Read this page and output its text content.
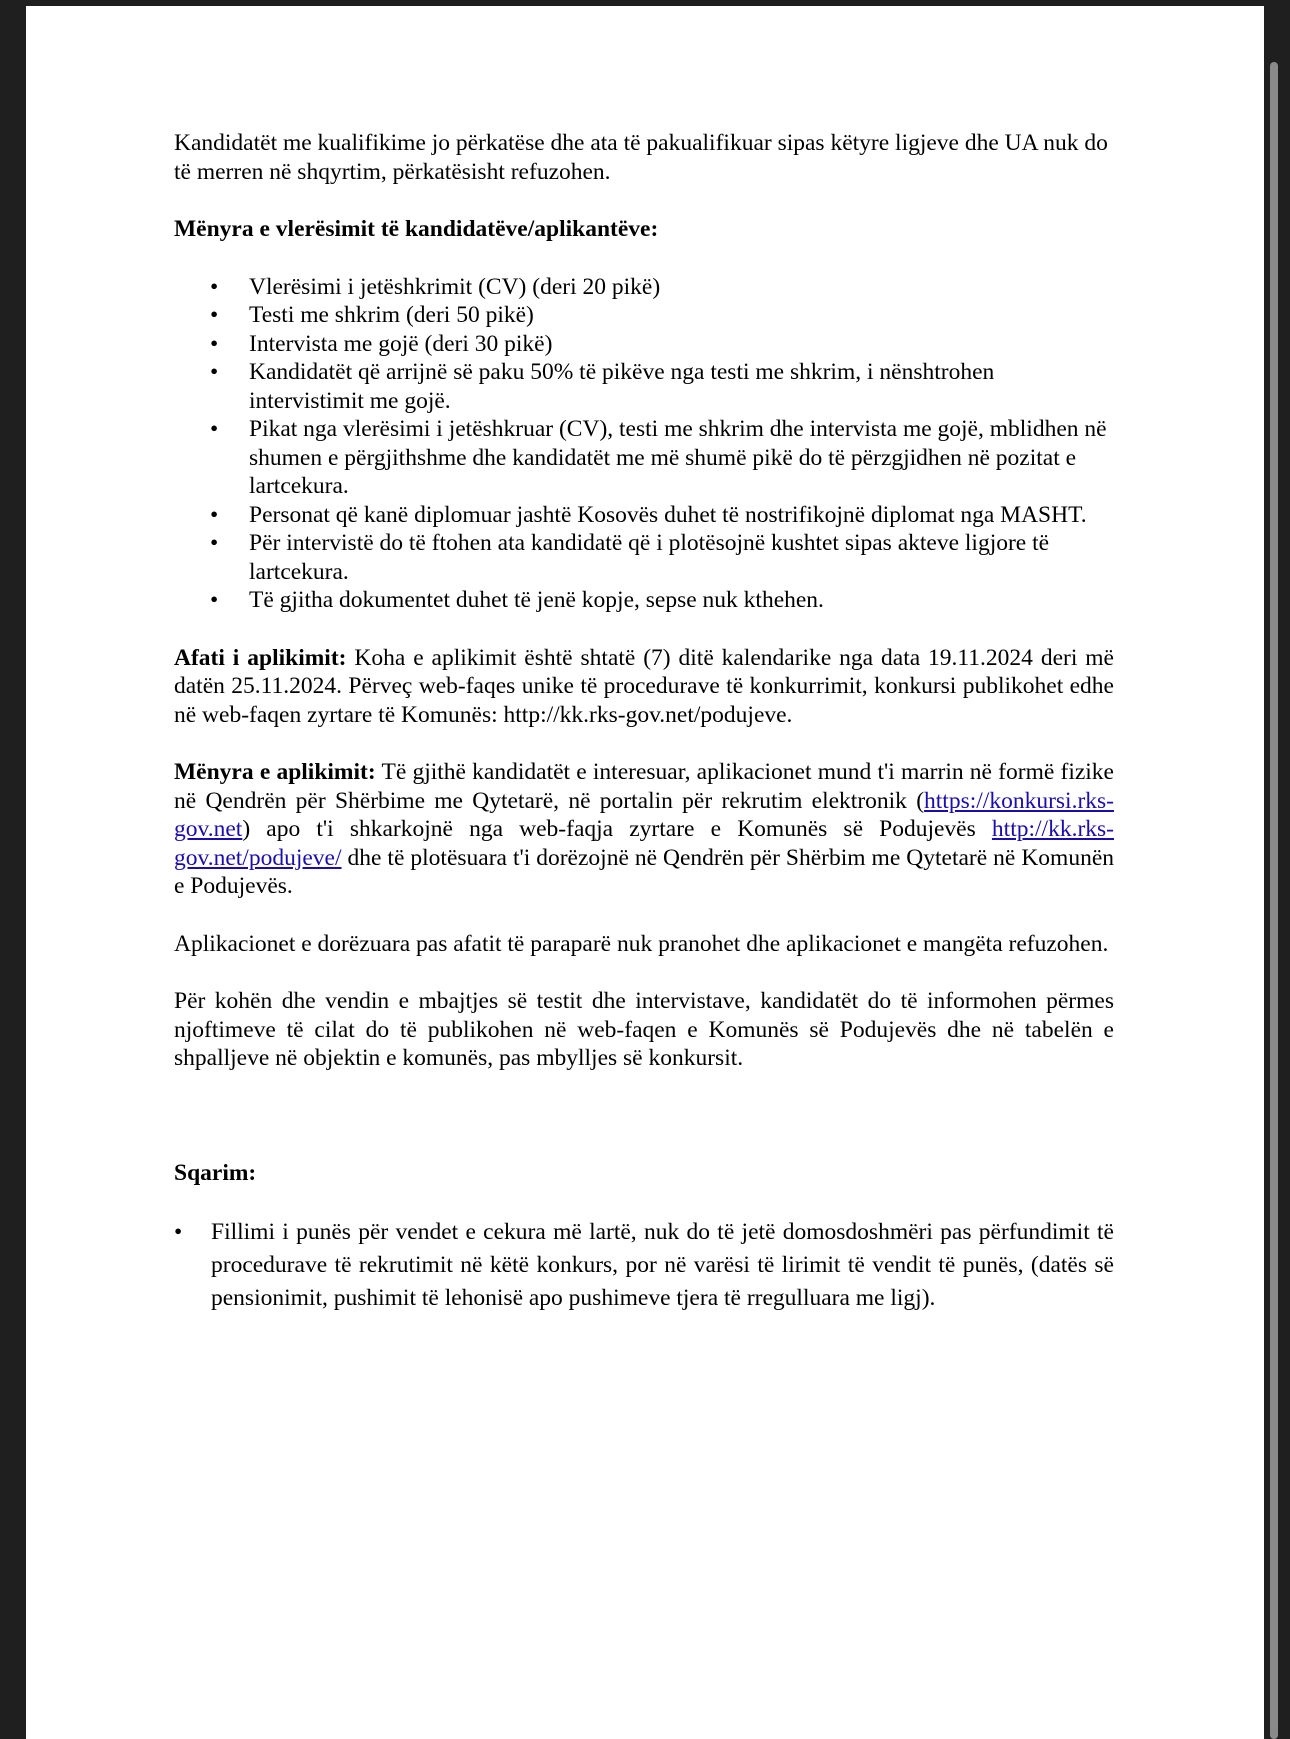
Kandidatët me kualifikime jo përkatëse dhe ata të pakualifikuar sipas këtyre ligjeve dhe UA nuk do të merren në shqyrtim, përkatësisht refuzohen.

Mënyra e vlerësimit të kandidatëve/aplikantëve:

• Vlerësimi i jetëshkrimit (CV) (deri 20 pikë)
• Testi me shkrim (deri 50 pikë)
• Intervista me gojë (deri 30 pikë)
• Kandidatët që arrijnë së paku 50% të pikëve nga testi me shkrim, i nënshtrohen intervistimit me gojë.
• Pikat nga vlerësimi i jetëshkruar (CV), testi me shkrim dhe intervista me gojë, mblidhen në shumen e përgjithshme dhe kandidatët me më shumë pikë do të përzgjidhen në pozitat e lartcekura.
• Personat që kanë diplomuar jashtë Kosovës duhet të nostrifikojnë diplomat nga MASHT.
• Për intervistë do të ftohen ata kandidatë që i plotësojnë kushtet sipas akteve ligjore të lartcekura.
• Të gjitha dokumentet duhet të jenë kopje, sepse nuk kthehen.

Afati i aplikimit: Koha e aplikimit është shtatë (7) ditë kalendarike nga data 19.11.2024 deri më datën 25.11.2024. Përveç web-faqes unike të procedurave të konkurrimit, konkursi publikohet edhe në web-faqen zyrtare të Komunës: http://kk.rks-gov.net/podujeve.

Mënyra e aplikimit: Të gjithë kandidatët e interesuar, aplikacionet mund t'i marrin në formë fizike në Qendrën për Shërbime me Qytetarë, në portalin për rekrutim elektronik (https://konkursi.rks-gov.net) apo t'i shkarkojnë nga web-faqja zyrtare e Komunës së Podujevës http://kk.rks-gov.net/podujeve/ dhe të plotësuara t'i dorëzojnë në Qendrën për Shërbim me Qytetarë në Komunën e Podujevës.

Aplikacionet e dorëzuara pas afatit të paraparë nuk pranohet dhe aplikacionet e mangëta refuzohen.

Për kohën dhe vendin e mbajtjes së testit dhe intervistave, kandidatët do të informohen përmes njoftimeve të cilat do të publikohen në web-faqen e Komunës së Podujevës dhe në tabelën e shpalljeve në objektin e komunës, pas mbylljes së konkursit.

Sqarim:

• Fillimi i punës për vendet e cekura më lartë, nuk do të jetë domosdoshmëri pas përfundimit të procedurave të rekrutimit në këtë konkurs, por në varësi të lirimit të vendit të punës, (datës së pensionimit, pushimit të lehonisë apo pushimeve tjera të rregulluara me ligj).
